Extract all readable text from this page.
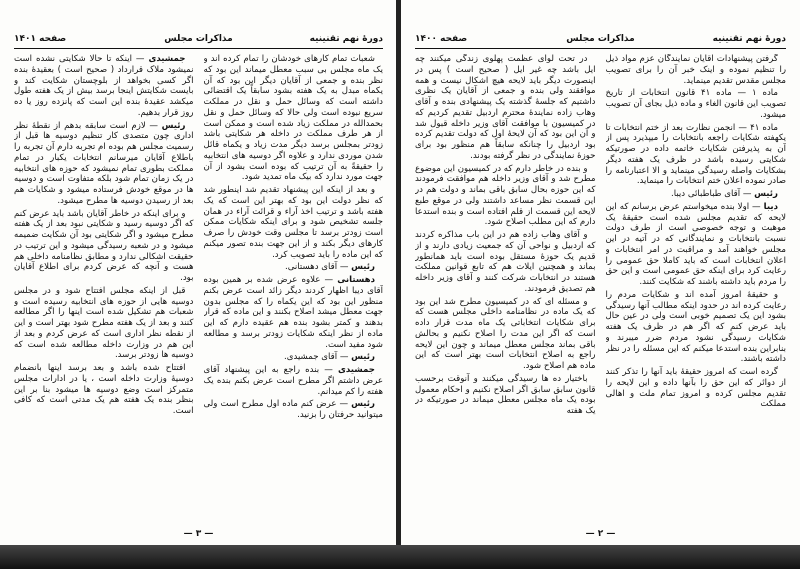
دورهٔ نهم تقنینیه
مذاکرات مجلس
صفحه ۱۴۰۱

شعبات تمام کارهای خودشان را تمام کرده اند و یک ماه مجلس بی سبب معطل میماند این بود که نظر بنده و جمعی از آقایان دیگر این بود که آن یکماه مبدل به یک هفته بشود سابقاً یک اقتضائی داشته است که وسائل حمل و نقل در مملکت سریع نبوده است ولی حالا که وسائل حمل و نقل بحمدالله در مملکت زیاد شده است و ممکن است از هر طرف مملکت در داخله هر شکایتی باشد زودتر بمجلس برسد دیگر مدت زیاد و یکماه قائل شدن موردی ندارد و علاوه اگر دوسیه های انتخابیه را حقیقةً به آن ترتیب که بوده است بشود از آن جهت مورد ندارد که بیک ماه تمدید شود.

و بعد از اینکه این پیشنهاد تقدیم شد اینطور شد که نظر دولت این بود که بهتر این است که یک هفته باشد و ترتیب اخذ آراء و قرائت آراء در همان جلسه تشخیص شود و برای اینکه شکایات ممکن است زودتر برسد تا مجلس وقت خودش را صرف کارهای دیگر بکند و از این جهت بنده تصور میکنم که این ماده را باید تصویب کرد.

رئیس — آقای دهستانی.

دهستانی — علاوه عرض شده بر همین بوده آقای دیبا اظهار کردند دیگر زائد است عرض بکنم منظور این بود که این یکماه را که مجلس بدون جهت معطل میشد اصلاح بکنند و این ماده که قرار بدهند و کمتر بشود بنده هم عقیده دارم که این ماده از نظر اینکه شکایات زودتر برسد و مطالعه شود مفید است.

رئیس — آقای جمشیدی.

جمشیدی — بنده راجع به این پیشنهاد آقای عرض داشتم اگر مطرح است عرض بکنم بنده یک هفته را کم میدانم.

رئیس — عرض کنم ماده اول مطرح است ولی میتوانید حرفتان را بزنید.

جمشیدی — اینکه تا حالا شکایتی نشده است نمیشود ملاک قرارداد ( صحیح است ) بعقیدهٔ بنده اگر کسی بخواهد از بلوچستان شکایت کند و بایست شکایتش اینجا برسد بیش از یک هفته طول میکشد عقیدهٔ بنده این است که پانزده روز یا ده روز قرار بدهیم.

رئیس — لازم است سابقه بدهم از نقطهٔ نظر اداری چون متصدی کار تنظیم دوسیه ها قبل از رسمیت مجلس هم بوده ام تجربه دارم آن تجربه را باطلاع آقایان میرسانم انتخابات یکبار در تمام مملکت بطوری تمام نمیشود که حوزه های انتخابیه در یک زمان تمام شود بلکه متفاوت است و دوسیه ها در موقع خودش فرستاده میشود و شکایات هم بعد از رسیدن دوسیه ها مطرح میشود.

و برای اینکه در خاطر آقایان باشد باید عرض کنم که اگر دوسیه رسید و شکایتی نبود بعد از یک هفته مطرح میشود و اگر شکایتی بود آن شکایت ضمیمه میشود و در شعبه رسیدگی میشود و این ترتیب در حقیقت اشکالی ندارد و مطابق نظامنامه داخلی هم هست و آنچه که عرض کردم برای اطلاع آقایان بود.

قبل از اینکه مجلس افتتاح شود و در مجلس دوسیه هایی از حوزه های انتخابیه رسیده است و شعبات هم تشکیل شده است اینها را اگر مطالعه کنند و بعد از یک هفته مطرح شود بهتر است و این از نقطه نظر اداری است که عرض کردم و بعد از این هم در وزارت داخله مطالعه شده است که دوسیه ها زودتر برسد.

افتتاح شده باشد و بعد برسد اینها بانضمام دوسیهٔ وزارت داخله است ، یا در ادارات مجلس متمرکز است وضع دوسیه ها میشود بنا بر این بنظر بنده یک هفته هم یک مدتی است که کافی است.

— ۳ —
دورهٔ نهم تقنینیه
مذاکرات مجلس
صفحه ۱۴۰۰

گرفتن پیشنهادات آقایان نمایندگان عزم مواد ذیل را تنظیم نموده و اینک خبر آن را برای تصویب مجلس مقدس تقدیم مینماید.

ماده ۱ — ماده ۴۱ قانون انتخابات از تاریخ تصویب این قانون الغاء و ماده ذیل بجای آن تصویب میشود.

ماده ۴۱ — انجمن نظارت بعد از ختم انتخابات تا یکهفته شکایات راجعه بانتخابات را میپذیرد پس از آن به پذیرفتن شکایات خاتمه داده در صورتیکه شکایتی رسیده باشد در ظرف یک هفته دیگر بشکایات واصله رسیدگی مینماید و الا اعتبارنامه را صادر نموده اعلان ختم انتخابات را مینماید.

رئیس — آقای طباطبائی دیبا.

دیبا — اولا بنده میخواستم عرض برسانم که این لایحه که تقدیم مجلس شده است حقیقهٔ یک موهبت و توجه خصوصی است از طرف دولت نسبت بانتخابات و نمایندگانی که در آتیه در این مجلس خواهند آمد و مراقبت در امر انتخابات و اعلان انتخابات است که باید کاملا حق عمومی را رعایت کرد برای اینکه حق عمومی است و این حق را مردم باید داشته باشند که شکایت کنند.

و حقیقهٔ امروز آمده اند و شکایات مردم را رعایت کرده اند در حدود اینکه مطالب آنها رسیدگی بشود این یک تصمیم خوبی است ولی در عین حال باید عرض کنم که اگر هم در ظرف یک هفته شکایات رسیدگی نشود مردم ضرر میبرند و بنابراین بنده استدعا میکنم که این مسئله را در نظر داشته باشند.

گرده است که امروز حقیقهٔ باید آنها را تذکر کنند از دوائر که این حق را بآنها داده و این لایحه را تقدیم مجلس کرده و امروز تمام ملت و اهالی مملکت

در تحت لوای عظمت پهلوی زندگی میکنند چه ایل باشد چه غیر ایل ( صحیح است ) پس در اینصورت دیگر باید لایحه هیچ اشکال نیست و همه موافقند ولی بنده و جمعی از آقایان یک نظری داشتیم که جلسهٔ گذشته یک پیشنهادی بنده و آقای وهاب زاده نمایندهٔ محترم اردبیل تقدیم کردیم که در کمیسیون با موافقت آقای وزیر داخله قبول شد و آن این بود که آن لایحهٔ اول که دولت تقدیم کرده بود اردبیل را چنانکه سابقاً هم منظور بود برای حوزهٔ نمایندگی در نظر گرفته بودند.

و بنده در خاطر دارم که در کمیسیون این موضوع مطرح شد و آقای وزیر داخله هم موافقت فرمودند که این حوزه بحال سابق باقی بماند و دولت هم در این قسمت نظر مساعد داشتند ولی در موقع طبع لایحه این قسمت از قلم افتاده است و بنده استدعا دارم که این مطلب اصلاح شود.

و آقای وهاب زاده هم در این باب مذاکره کردند که اردبیل و نواحی آن که جمعیت زیادی دارند و از قدیم یک حوزهٔ مستقل بوده است باید همانطور بماند و همچنین ایلات هم که تابع قوانین مملکت هستند در انتخابات شرکت کنند و آقای وزیر داخله هم تصدیق فرمودند.

و مسئله ای که در کمیسیون مطرح شد این بود که یک ماده در نظامنامه داخلی مجلس هست که برای شکایات انتخاباتی یک ماه مدت قرار داده است که اگر این مدت را اصلاح نکنیم و بحالش باقی بماند مجلس معطل میماند و چون این لایحه راجع به اصلاح انتخابات است بهتر است که این ماده هم اصلاح شود.

باختیار ده ها رسیدگی میکنند و آنوقت برحسب قانون سابق سابق اگر اصلاح نکنیم و احکام معمول بوده یک ماه مجلس معطل میماند در صورتیکه در یک هفته

— ۲ —
